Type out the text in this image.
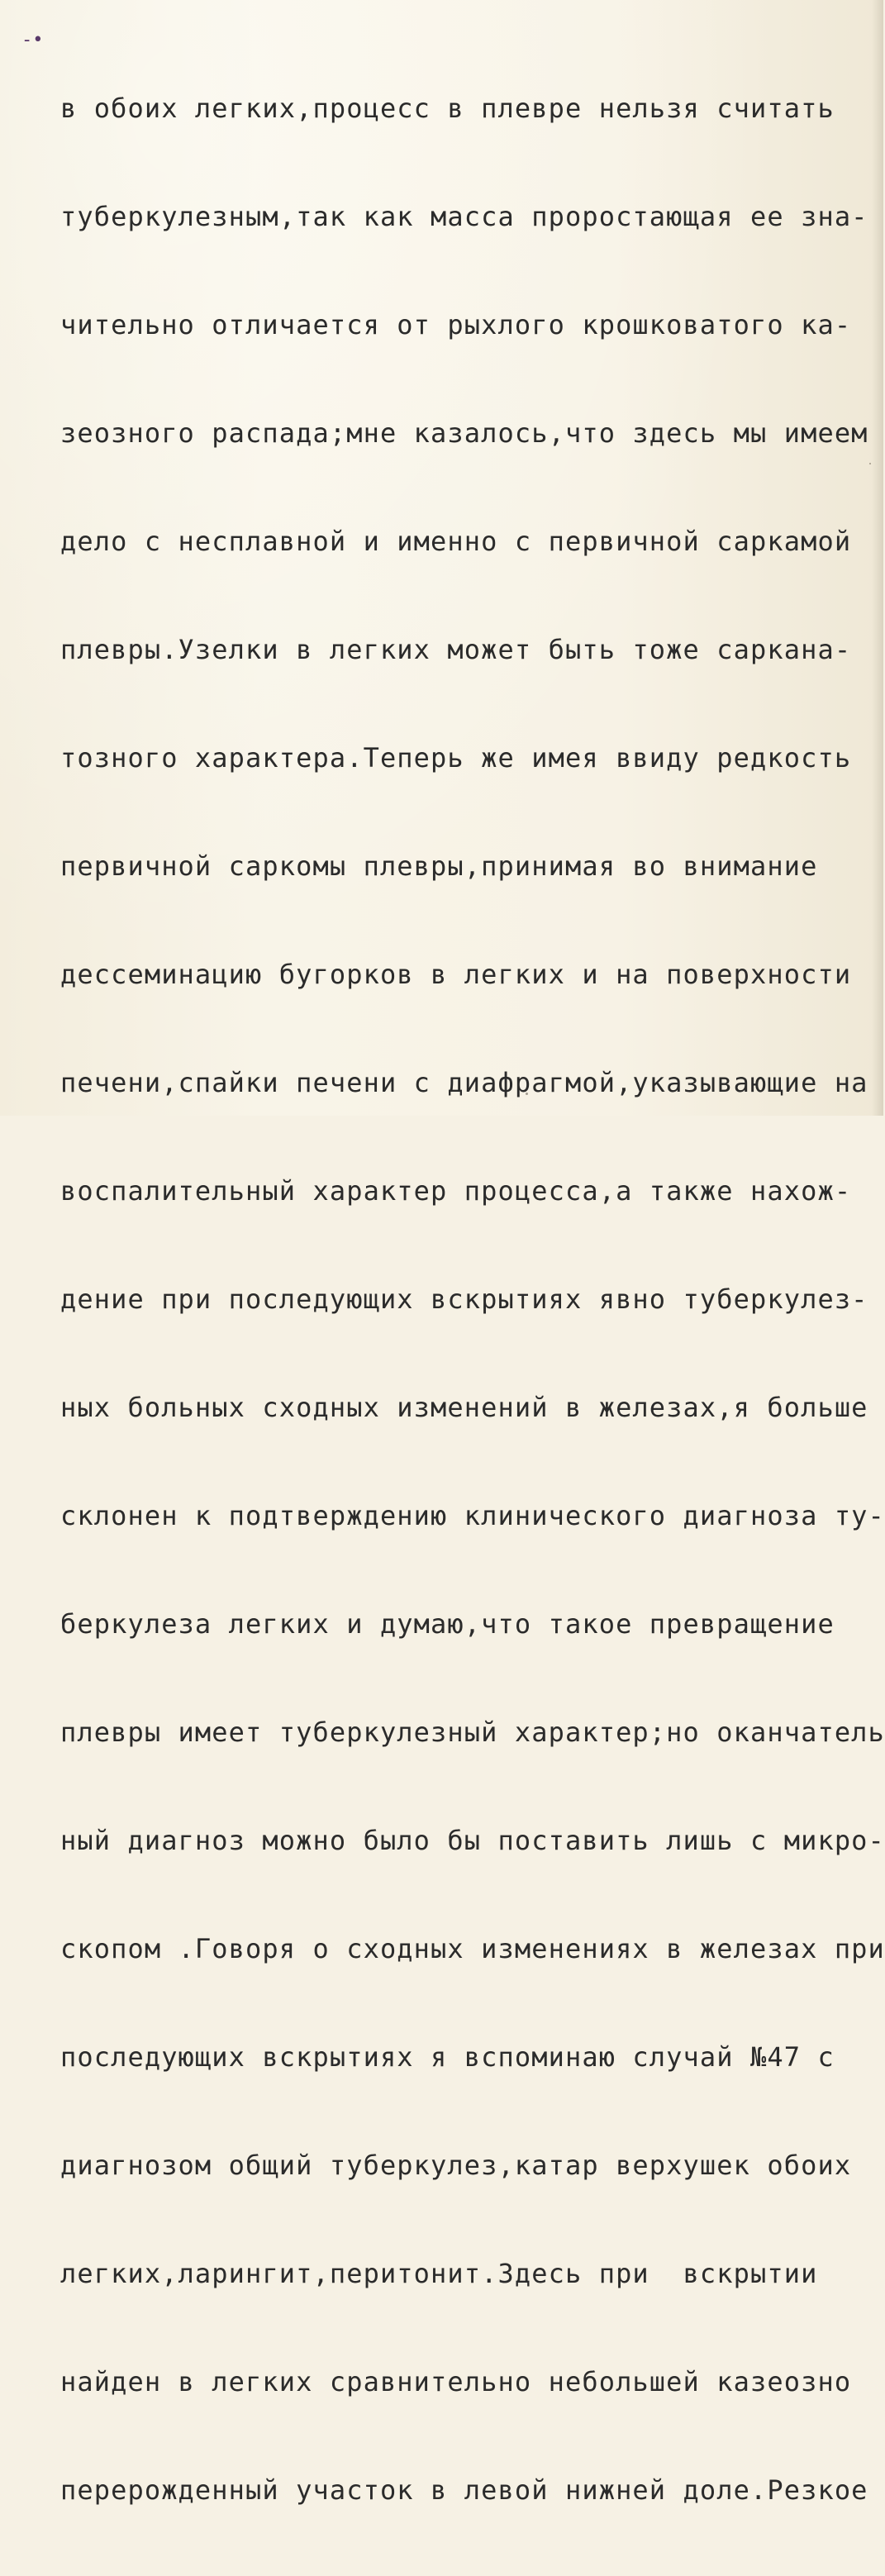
-•

в обоих легких,процесс в плевре нельзя считать

туберкулезным,так как масса проростающая ее зна-

чительно отличается от рыхлого крошковатого ка-

зеозного распада;мне казалось,что здесь мы имеем

дело с несплавной и именно с первичной саркамой

плевры.Узелки в легких может быть тоже саркана-

тозного характера.Теперь же имея ввиду редкость

первичной саркомы плевры,принимая во внимание

дессеминацию бугорков в легких и на поверхности

печени,спайки печени с диафрагмой,указывающие на

воспалительный характер процесса,а также нахож-

дение при последующих вскрытиях явно туберкулез-

ных больных сходных изменений в железах,я больше

склонен к подтверждению клинического диагноза ту-

беркулеза легких и думаю,что такое превращение

плевры имеет туберкулезный характер;но оканчатель

ный диагноз можно было бы поставить лишь с микро-

скопом .Говоря о сходных изменениях в железах при

последующих вскрытиях я вспоминаю случай №47 с

диагнозом общий туберкулез,катар верхушек обоих

легких,ларингит,перитонит.Здесь при  вскрытии

найден в легких сравнительно небольшей казеозно

перерожденный участок в левой нижней доле.Резкое
